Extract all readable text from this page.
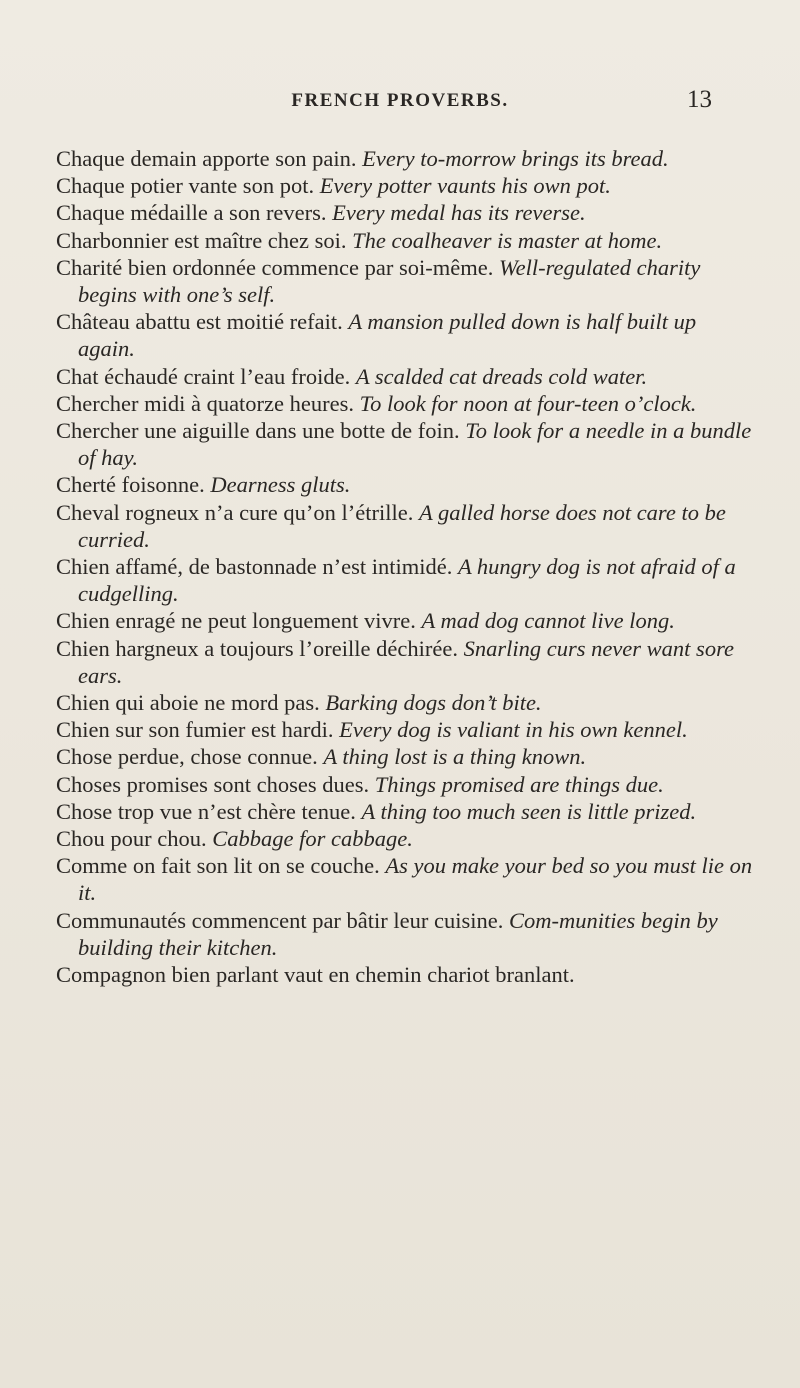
FRENCH PROVERBS.	13
Chaque demain apporte son pain. Every to-morrow brings its bread.
Chaque potier vante son pot. Every potter vaunts his own pot.
Chaque médaille a son revers. Every medal has its reverse.
Charbonnier est maître chez soi. The coalheaver is master at home.
Charité bien ordonnée commence par soi-même. Well-regulated charity begins with one’s self.
Château abattu est moitié refait. A mansion pulled down is half built up again.
Chat échaudé craint l’eau froide. A scalded cat dreads cold water.
Chercher midi à quatorze heures. To look for noon at four-teen o’clock.
Chercher une aiguille dans une botte de foin. To look for a needle in a bundle of hay.
Cherté foisonne. Dearness gluts.
Cheval rogneux n’a cure qu’on l’étrille. A galled horse does not care to be curried.
Chien affamé, de bastonnade n’est intimidé. A hungry dog is not afraid of a cudgelling.
Chien enragé ne peut longuement vivre. A mad dog cannot live long.
Chien hargneux a toujours l’oreille déchirée. Snarling curs never want sore ears.
Chien qui aboie ne mord pas. Barking dogs don’t bite.
Chien sur son fumier est hardi. Every dog is valiant in his own kennel.
Chose perdue, chose connue. A thing lost is a thing known.
Choses promises sont choses dues. Things promised are things due.
Chose trop vue n’est chère tenue. A thing too much seen is little prized.
Chou pour chou. Cabbage for cabbage.
Comme on fait son lit on se couche. As you make your bed so you must lie on it.
Communautés commencent par bâtir leur cuisine. Com-munities begin by building their kitchen.
Compagnon bien parlant vaut en chemin chariot branlant.
